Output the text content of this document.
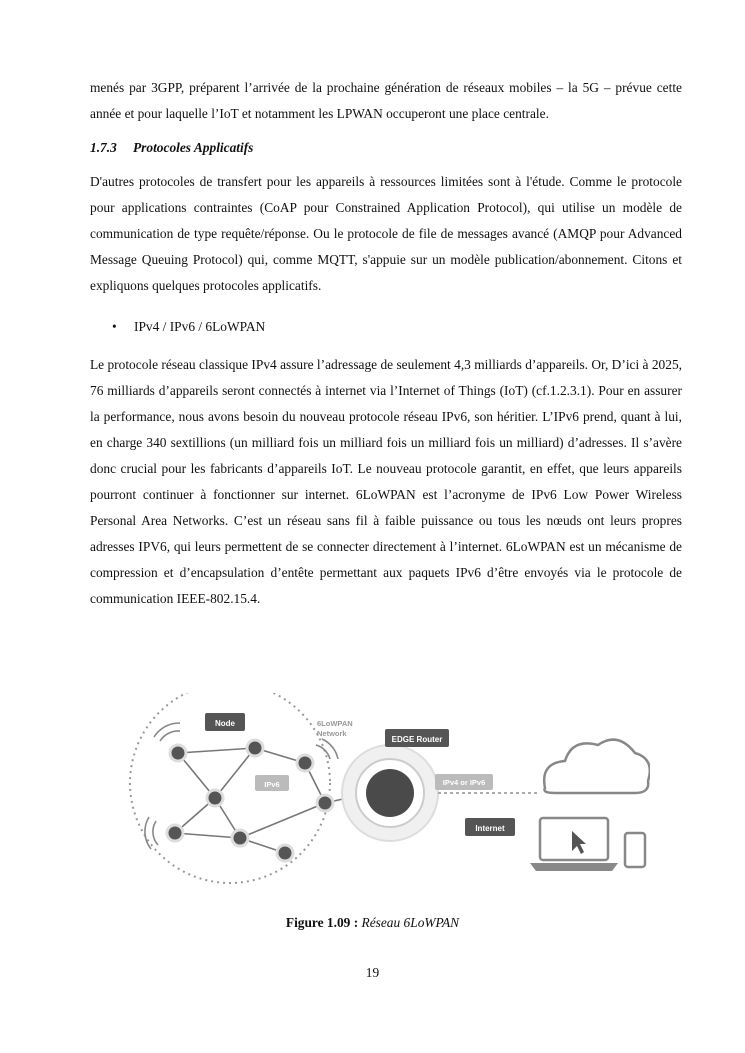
menés par 3GPP, préparent l’arrivée de la prochaine génération de réseaux mobiles – la 5G – prévue cette année et pour laquelle l’IoT et notamment les LPWAN occuperont une place centrale.
1.7.3 Protocoles Applicatifs
D'autres protocoles de transfert pour les appareils à ressources limitées sont à l'étude. Comme le protocole pour applications contraintes (CoAP pour Constrained Application Protocol), qui utilise un modèle de communication de type requête/réponse. Ou le protocole de file de messages avancé (AMQP pour Advanced Message Queuing Protocol) qui, comme MQTT, s'appuie sur un modèle publication/abonnement. Citons et expliquons quelques protocoles applicatifs.
• IPv4 / IPv6 / 6LoWPAN
Le protocole réseau classique IPv4 assure l’adressage de seulement 4,3 milliards d’appareils. Or, D’ici à 2025, 76 milliards d’appareils seront connectés à internet via l’Internet of Things (IoT) (cf.1.2.3.1). Pour en assurer la performance, nous avons besoin du nouveau protocole réseau IPv6, son héritier. L’IPv6 prend, quant à lui, en charge 340 sextillions (un milliard fois un milliard fois un milliard fois un milliard) d’adresses. Il s’avère donc crucial pour les fabricants d’appareils IoT. Le nouveau protocole garantit, en effet, que leurs appareils pourront continuer à fonctionner sur internet. 6LoWPAN est l’acronyme de IPv6 Low Power Wireless Personal Area Networks. C’est un réseau sans fil à faible puissance ou tous les nœuds ont leurs propres adresses IPV6, qui leurs permettent de se connecter directement à l’internet. 6LoWPAN est un mécanisme de compression et d’encapsulation d’entête permettant aux paquets IPv6 d’être envoyés via le protocole de communication IEEE-802.15.4.
Node	6LoWPAN
Network
IPv6
EDGE Router
IPv4 or IPv6
Internet
Figure 1.09 : Réseau 6LoWPAN
19
